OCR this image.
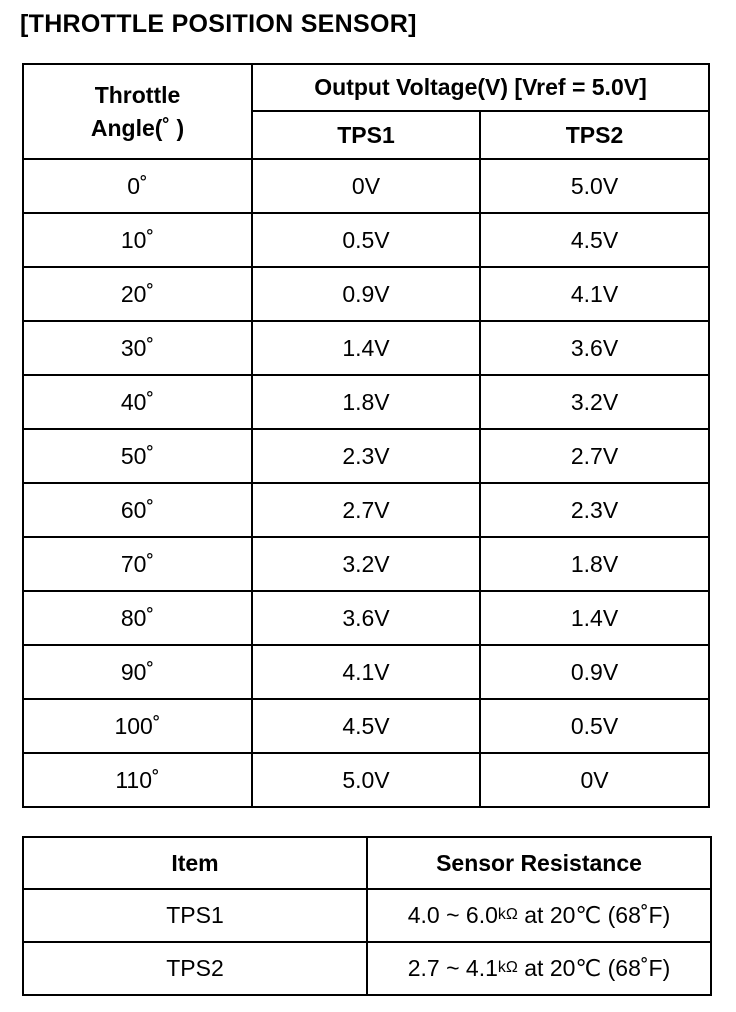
[THROTTLE POSITION SENSOR]
Throttle Angle(˚ )	Output Voltage(V) [Vref = 5.0V]	
	TPS1	TPS2
0˚	0V	5.0V
10˚	0.5V	4.5V
20˚	0.9V	4.1V
30˚	1.4V	3.6V
40˚	1.8V	3.2V
50˚	2.3V	2.7V
60˚	2.7V	2.3V
70˚	3.2V	1.8V
80˚	3.6V	1.4V
90˚	4.1V	0.9V
100˚	4.5V	0.5V
110˚	5.0V	0V
Item	Sensor Resistance
TPS1	4.0 ~ 6.0kΩ at 20℃ (68˚F)
TPS2	2.7 ~ 4.1kΩ at 20℃ (68˚F)
